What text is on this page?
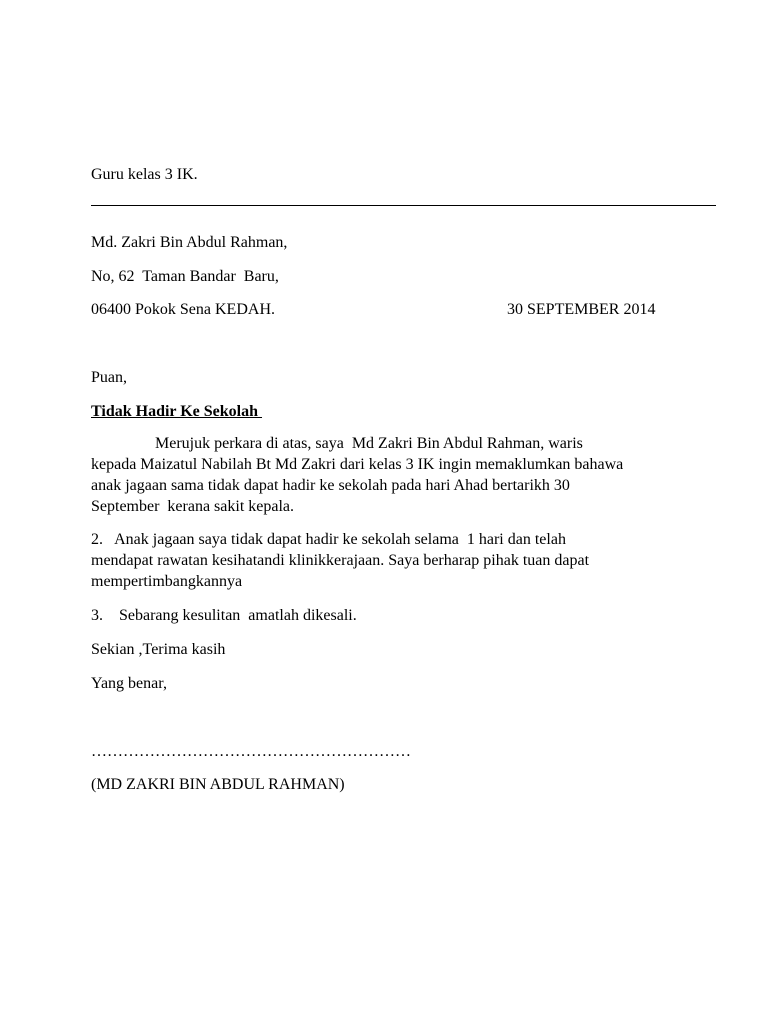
Guru kelas 3 IK.
Md. Zakri Bin Abdul Rahman,
No, 62  Taman Bandar  Baru,
06400 Pokok Sena KEDAH.	30 SEPTEMBER 2014
Puan,
Tidak Hadir Ke Sekolah
Merujuk perkara di atas, saya  Md Zakri Bin Abdul Rahman, waris
kepada Maizatul Nabilah Bt Md Zakri dari kelas 3 IK ingin memaklumkan bahawa
anak jagaan sama tidak dapat hadir ke sekolah pada hari Ahad bertarikh 30
September  kerana sakit kepala.
2.   Anak jagaan saya tidak dapat hadir ke sekolah selama  1 hari dan telah
mendapat rawatan kesihatandi klinikkerajaan. Saya berharap pihak tuan dapat
mempertimbangkannya
3.    Sebarang kesulitan  amatlah dikesali.
Sekian ,Terima kasih
Yang benar,
……………………………………………………
(MD ZAKRI BIN ABDUL RAHMAN)
